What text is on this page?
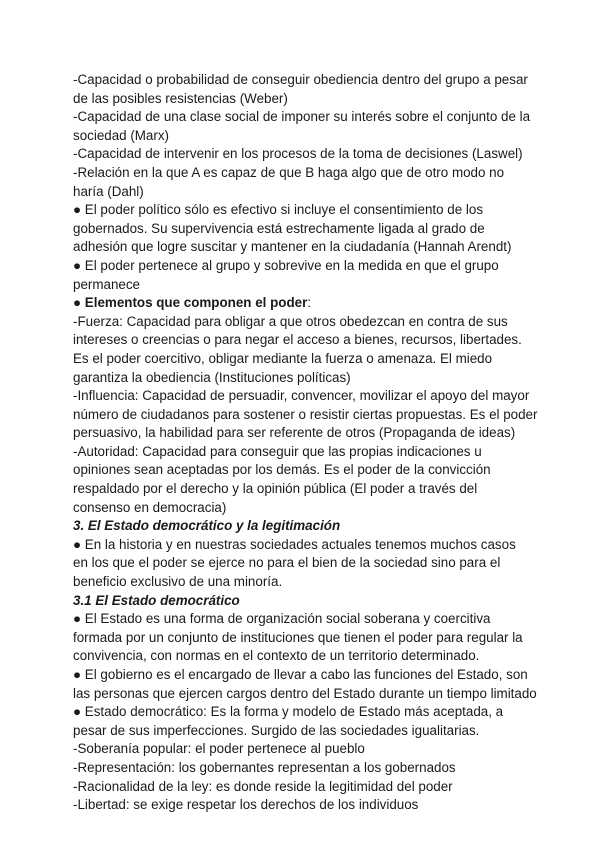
-Capacidad o probabilidad de conseguir obediencia dentro del grupo a pesar
de las posibles resistencias (Weber)
-Capacidad de una clase social de imponer su interés sobre el conjunto de la
sociedad (Marx)
-Capacidad de intervenir en los procesos de la toma de decisiones (Laswel)
-Relación en la que A es capaz de que B haga algo que de otro modo no
haría (Dahl)
● El poder político sólo es efectivo si incluye el consentimiento de los
gobernados. Su supervivencia está estrechamente ligada al grado de
adhesión que logre suscitar y mantener en la ciudadanía (Hannah Arendt)
● El poder pertenece al grupo y sobrevive en la medida en que el grupo
permanece
● Elementos que componen el poder:
-Fuerza: Capacidad para obligar a que otros obedezcan en contra de sus
intereses o creencias o para negar el acceso a bienes, recursos, libertades.
Es el poder coercitivo, obligar mediante la fuerza o amenaza. El miedo
garantiza la obediencia (Instituciones políticas)
-Influencia: Capacidad de persuadir, convencer, movilizar el apoyo del mayor
número de ciudadanos para sostener o resistir ciertas propuestas. Es el poder
persuasivo, la habilidad para ser referente de otros (Propaganda de ideas)
-Autoridad: Capacidad para conseguir que las propias indicaciones u
opiniones sean aceptadas por los demás. Es el poder de la convicción
respaldado por el derecho y la opinión pública (El poder a través del
consenso en democracia)
3. El Estado democrático y la legitimación
● En la historia y en nuestras sociedades actuales tenemos muchos casos
en los que el poder se ejerce no para el bien de la sociedad sino para el
beneficio exclusivo de una minoría.
3.1 El Estado democrático
● El Estado es una forma de organización social soberana y coercitiva
formada por un conjunto de instituciones que tienen el poder para regular la
convivencia, con normas en el contexto de un territorio determinado.
● El gobierno es el encargado de llevar a cabo las funciones del Estado, son
las personas que ejercen cargos dentro del Estado durante un tiempo limitado
● Estado democrático: Es la forma y modelo de Estado más aceptada, a
pesar de sus imperfecciones. Surgido de las sociedades igualitarias.
-Soberanía popular: el poder pertenece al pueblo
-Representación: los gobernantes representan a los gobernados
-Racionalidad de la ley: es donde reside la legitimidad del poder
-Libertad: se exige respetar los derechos de los individuos
